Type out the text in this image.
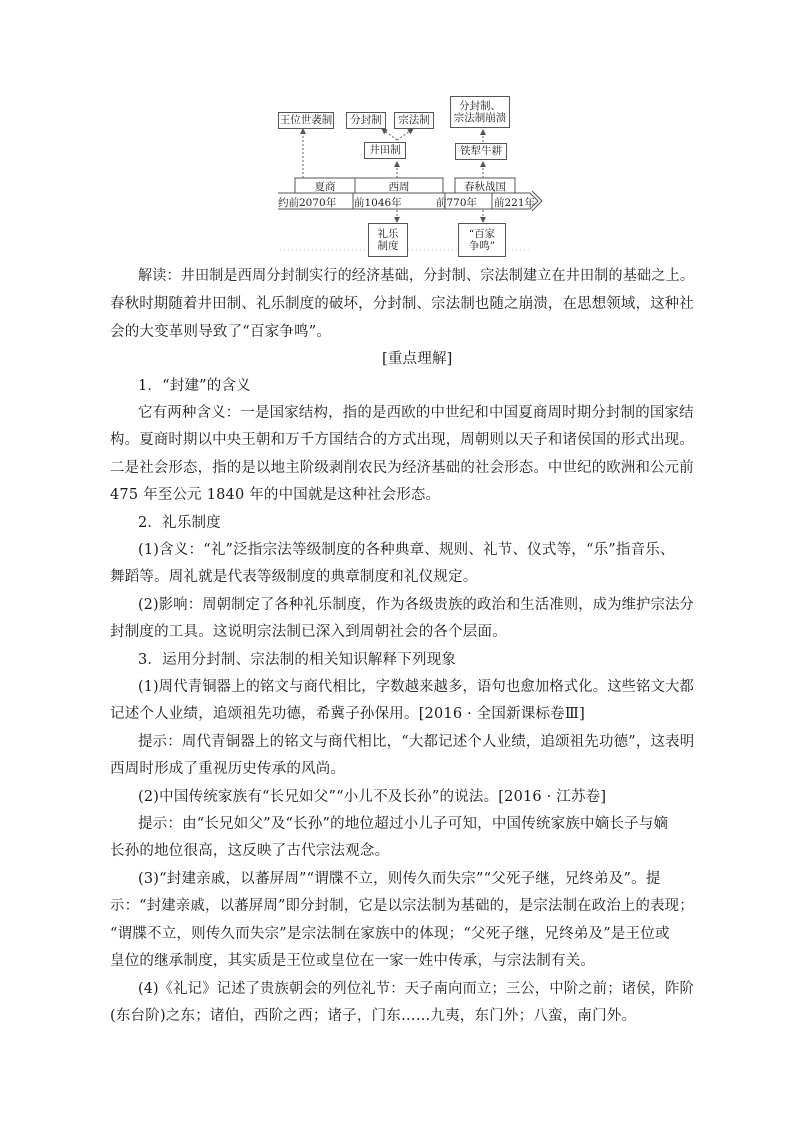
王位世袭制	分封制	宗法制
分封制、
宗法制崩溃
井田制	铁犁牛耕
夏商	西周	春秋战国
约前2070年 前1046年	前770年 前221年
礼乐
制度
“百家
争鸣”
解读：井田制是西周分封制实行的经济基础，分封制、宗法制建立在井田制的基础之上。
春秋时期随着井田制、礼乐制度的破坏，分封制、宗法制也随之崩溃，在思想领域，这种社
会的大变革则导致了“百家争鸣”。
[重点理解]
1．“封建”的含义
它有两种含义：一是国家结构，指的是西欧的中世纪和中国夏商周时期分封制的国家结
构。夏商时期以中央王朝和万千方国结合的方式出现，周朝则以天子和诸侯国的形式出现。
二是社会形态，指的是以地主阶级剥削农民为经济基础的社会形态。中世纪的欧洲和公元前
475 年至公元 1840 年的中国就是这种社会形态。
2．礼乐制度
(1)含义：“礼”泛指宗法等级制度的各种典章、规则、礼节、仪式等，“乐”指音乐、
舞蹈等。周礼就是代表等级制度的典章制度和礼仪规定。
(2)影响：周朝制定了各种礼乐制度，作为各级贵族的政治和生活准则，成为维护宗法分
封制度的工具。这说明宗法制已深入到周朝社会的各个层面。
3．运用分封制、宗法制的相关知识解释下列现象
(1)周代青铜器上的铭文与商代相比，字数越来越多，语句也愈加格式化。这些铭文大都
记述个人业绩，追颂祖先功德，希冀子孙保用。[2016 · 全国新课标卷Ⅲ]
提示：周代青铜器上的铭文与商代相比，“大都记述个人业绩，追颂祖先功德”，这表明
西周时形成了重视历史传承的风尚。
(2)中国传统家族有“长兄如父”“小儿不及长孙”的说法。[2016 · 江苏卷]
提示：由“长兄如父”及“长孙”的地位超过小儿子可知，中国传统家族中嫡长子与嫡
长孙的地位很高，这反映了古代宗法观念。
(3)“封建亲戚，以蕃屏周”“谓牒不立，则传久而失宗”“父死子继，兄终弟及”。提
示：“封建亲戚，以蕃屏周”即分封制，它是以宗法制为基础的，是宗法制在政治上的表现；
“谓牒不立，则传久而失宗”是宗法制在家族中的体现；“父死子继，兄终弟及”是王位或
皇位的继承制度，其实质是王位或皇位在一家一姓中传承，与宗法制有关。
(4)《礼记》记述了贵族朝会的列位礼节：天子南向而立；三公，中阶之前；诸侯，阼阶
(东台阶)之东；诸伯，西阶之西；诸子，门东……九夷，东门外；八蛮，南门外。
